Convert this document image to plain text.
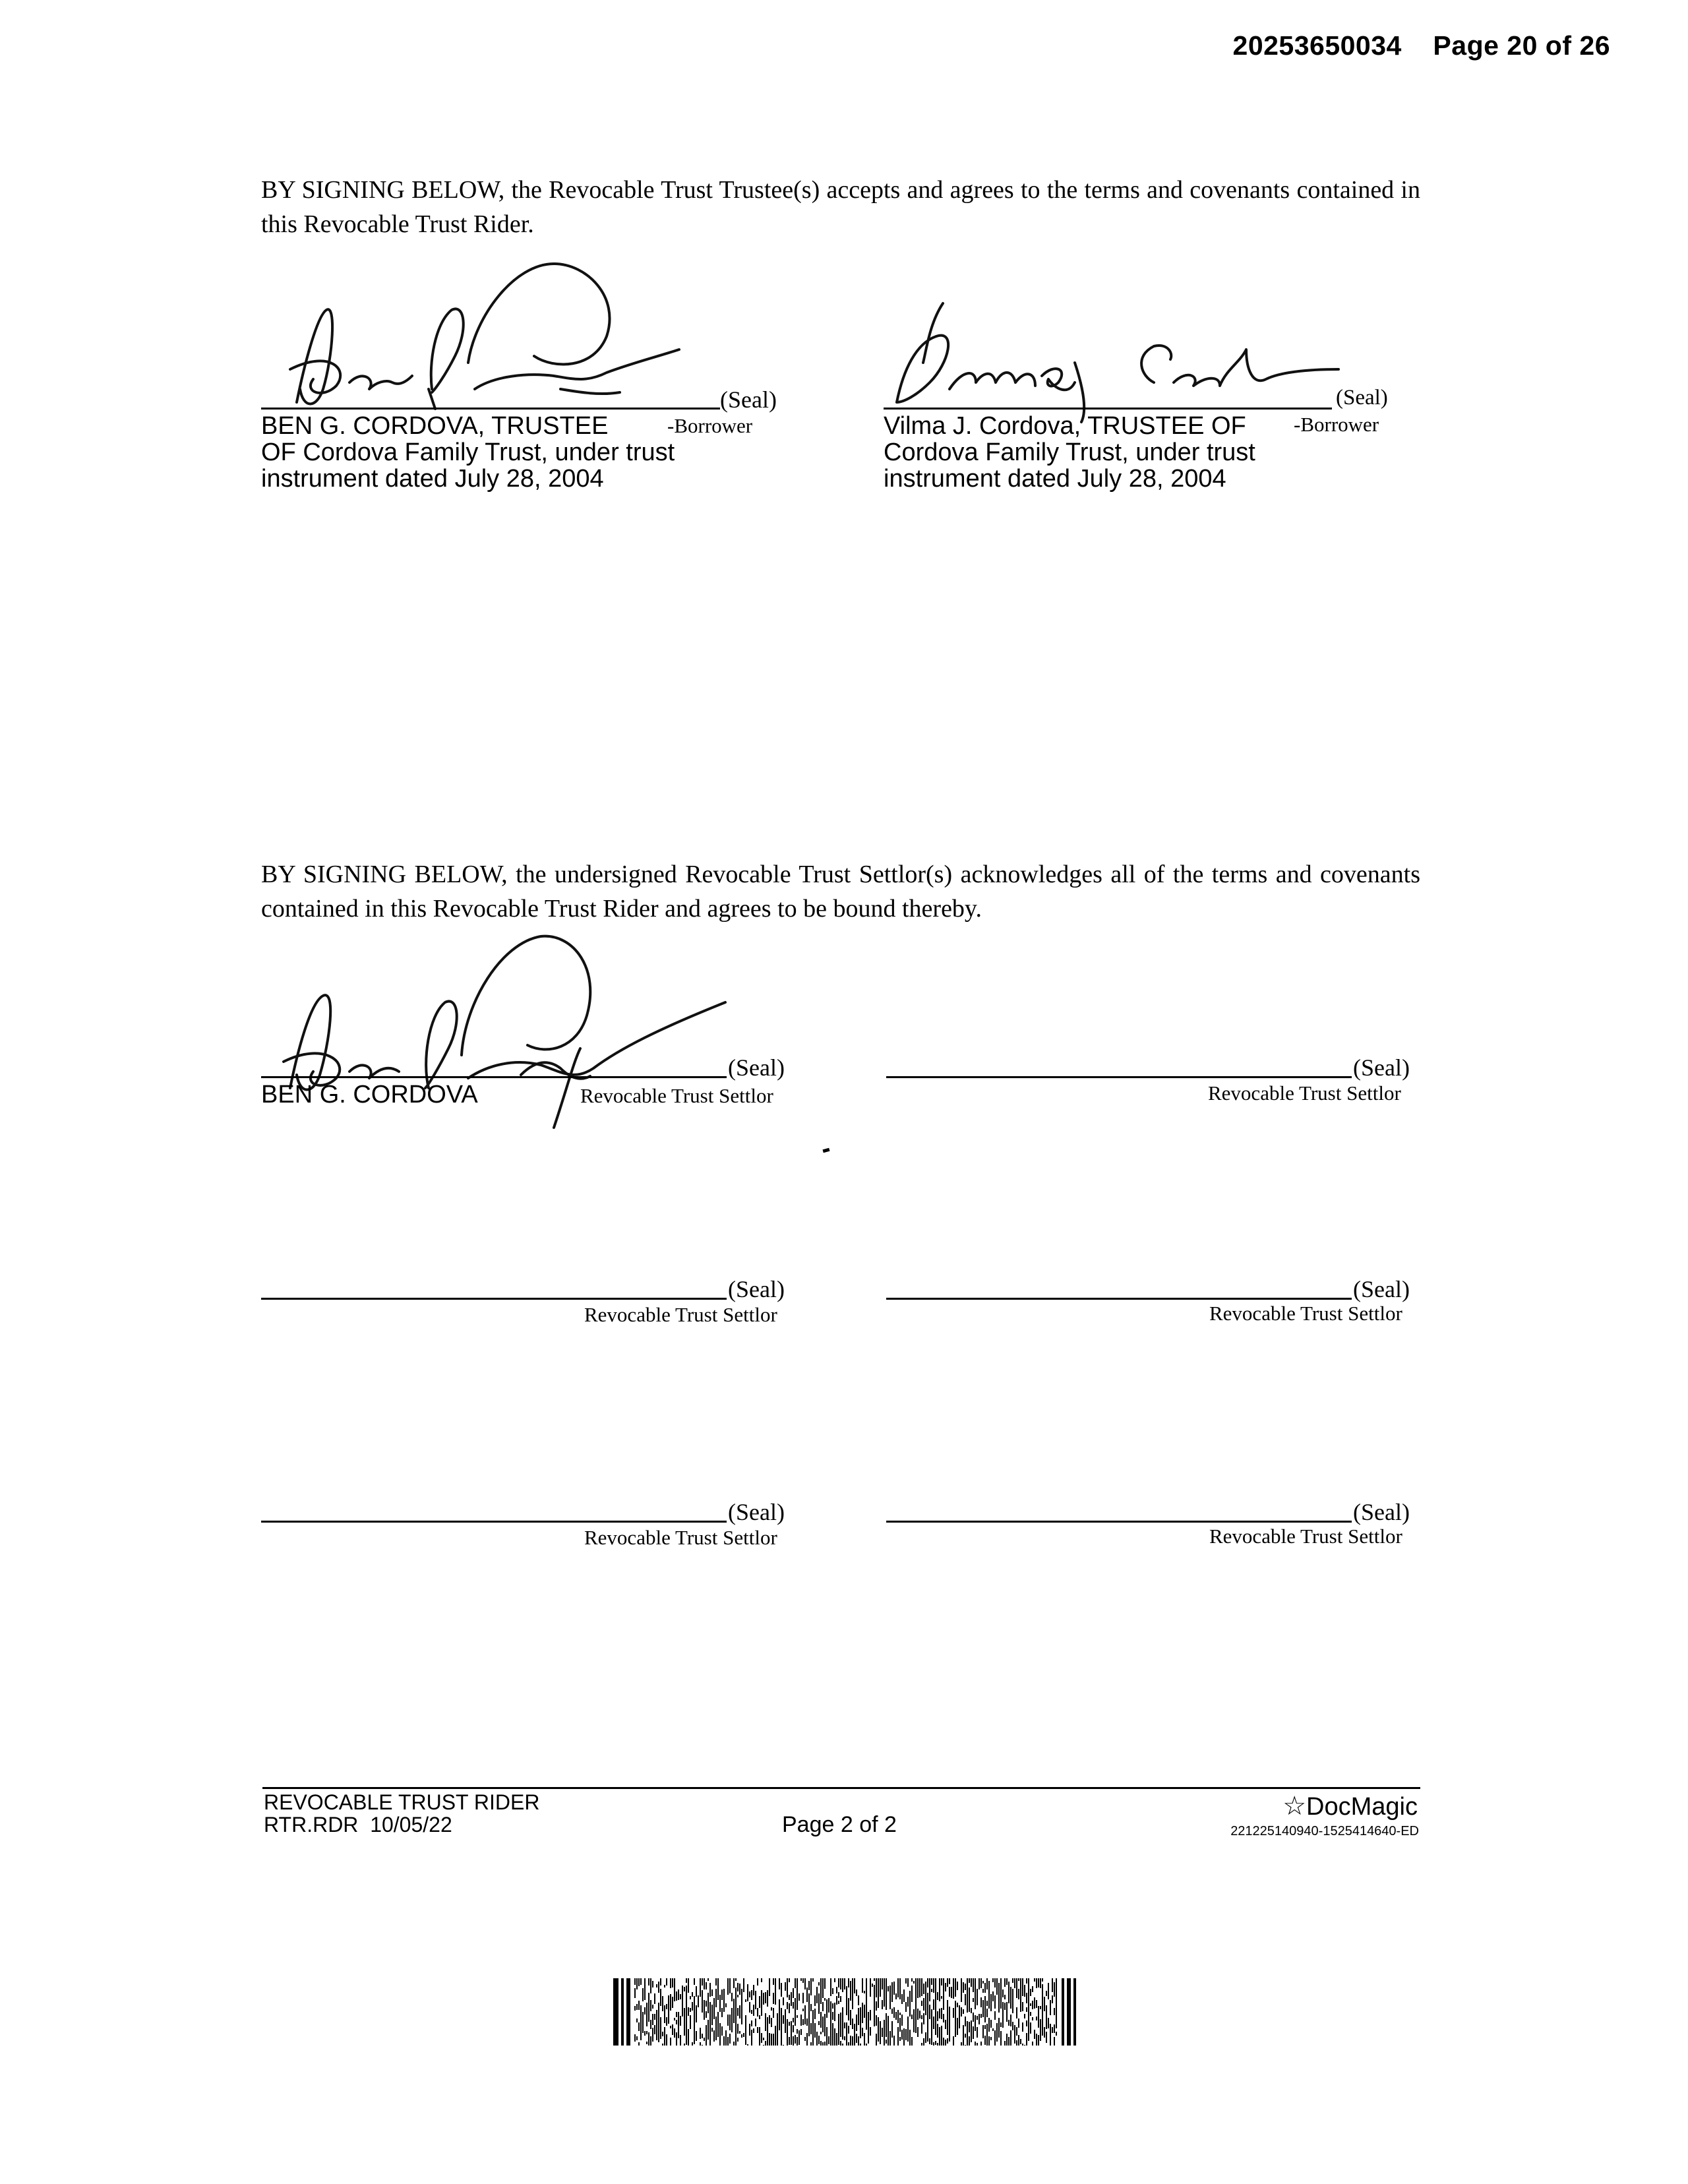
20253650034 Page 20 of 26
BY SIGNING BELOW, the Revocable Trust Trustee(s) accepts and agrees to the terms and covenants contained in this Revocable Trust Rider.
(Seal)
-Borrower
BEN G. CORDOVA, TRUSTEE
OF Cordova Family Trust, under trust
instrument dated July 28, 2004
(Seal)
-Borrower
Vilma J. Cordova, TRUSTEE OF
Cordova Family Trust, under trust
instrument dated July 28, 2004
BY SIGNING BELOW, the undersigned Revocable Trust Settlor(s) acknowledges all of the terms and covenants contained in this Revocable Trust Rider and agrees to be bound thereby.
(Seal)
BEN G. CORDOVA	Revocable Trust Settlor
(Seal)
Revocable Trust Settlor
(Seal)
Revocable Trust Settlor
(Seal)
Revocable Trust Settlor
(Seal)
Revocable Trust Settlor
(Seal)
Revocable Trust Settlor
REVOCABLE TRUST RIDER
RTR.RDR  10/05/22	Page 2 of 2
☆DocMagic
221225140940-1525414640-ED
